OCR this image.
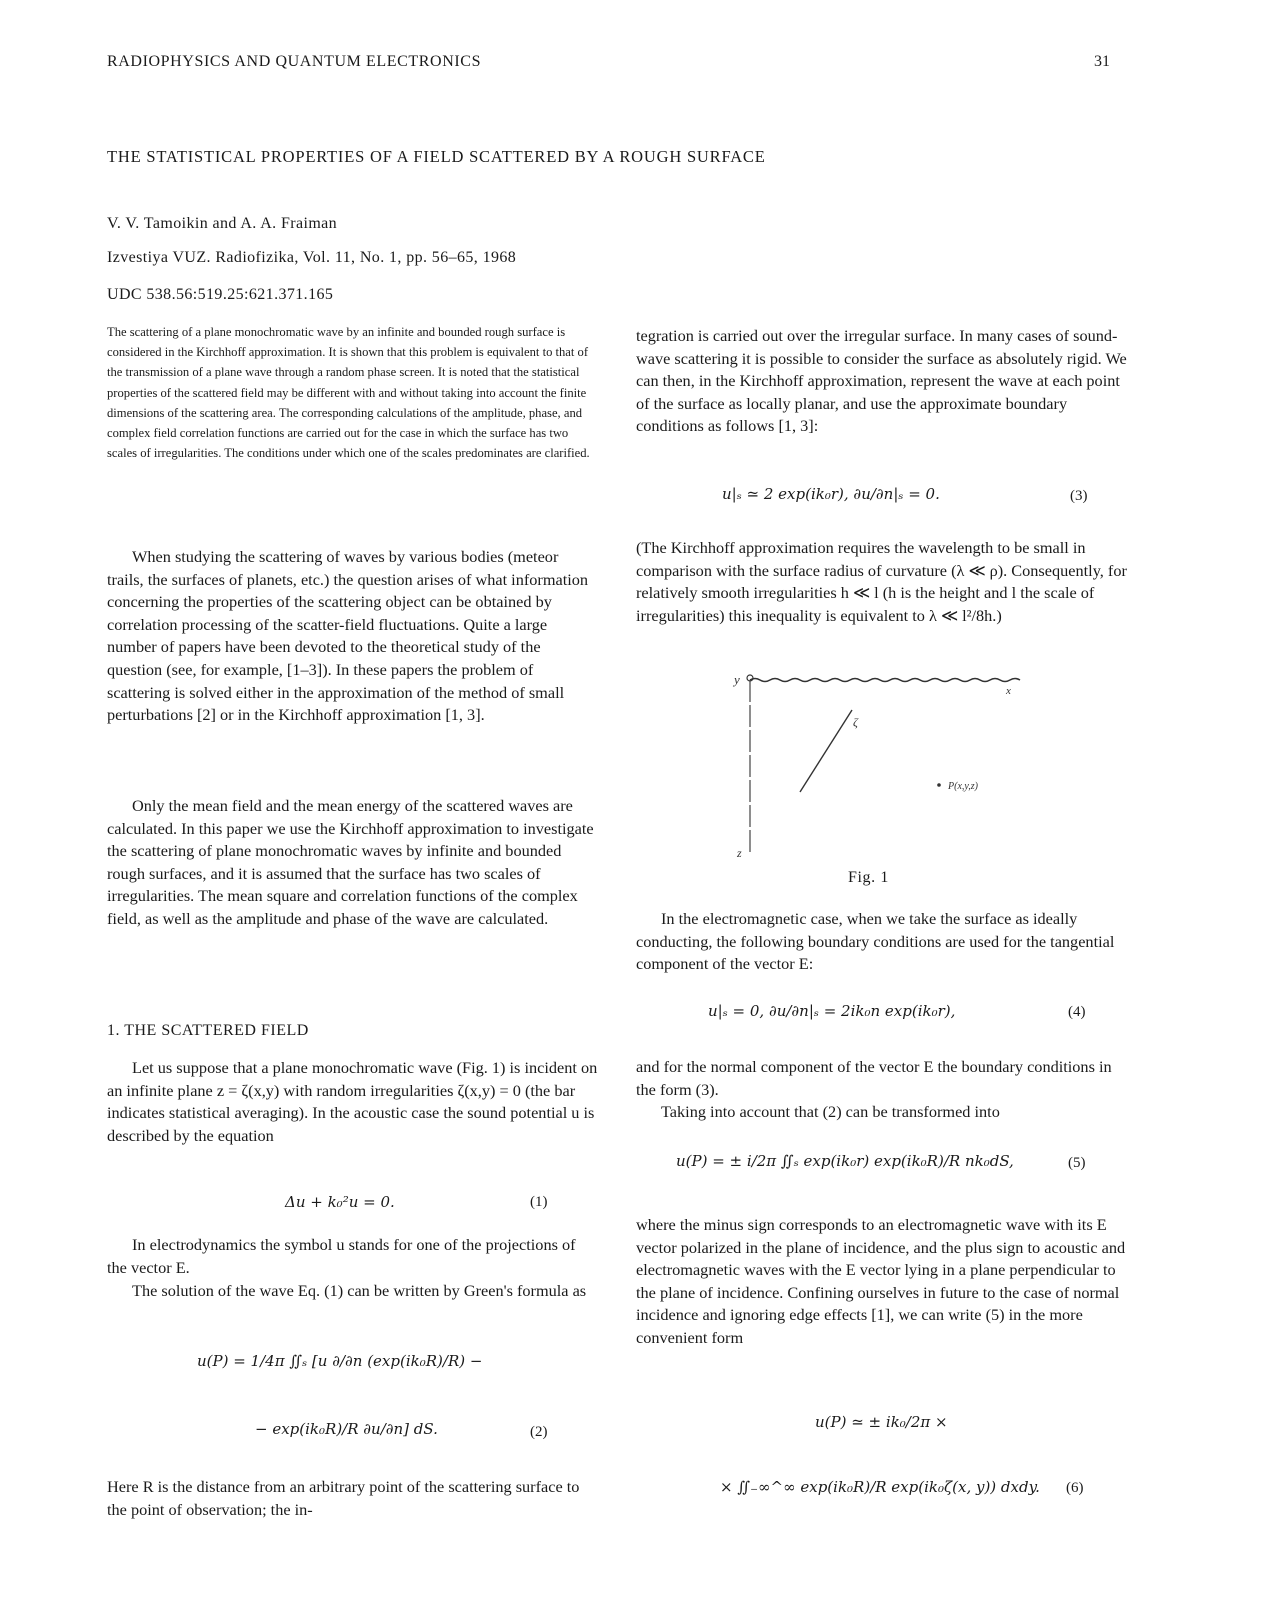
RADIOPHYSICS AND QUANTUM ELECTRONICS	31
THE STATISTICAL PROPERTIES OF A FIELD SCATTERED BY A ROUGH SURFACE
V. V. Tamoikin and A. A. Fraiman
Izvestiya VUZ. Radiofizika, Vol. 11, No. 1, pp. 56–65, 1968
UDC 538.56:519.25:621.371.165
The scattering of a plane monochromatic wave by an infinite and bounded rough surface is considered in the Kirchhoff approximation. It is shown that this problem is equivalent to that of the transmission of a plane wave through a random phase screen. It is noted that the statistical properties of the scattered field may be different with and without taking into account the finite dimensions of the scattering area. The corresponding calculations of the amplitude, phase, and complex field correlation functions are carried out for the case in which the surface has two scales of irregularities. The conditions under which one of the scales predominates are clarified.

When studying the scattering of waves by various bodies (meteor trails, the surfaces of planets, etc.) the question arises of what information concerning the properties of the scattering object can be obtained by correlation processing of the scatter-field fluctuations. Quite a large number of papers have been devoted to the theoretical study of the question (see, for example, [1–3]). In these papers the problem of scattering is solved either in the approximation of the method of small perturbations [2] or in the Kirchhoff approximation [1, 3].

Only the mean field and the mean energy of the scattered waves are calculated. In this paper we use the Kirchhoff approximation to investigate the scattering of plane monochromatic waves by infinite and bounded rough surfaces, and it is assumed that the surface has two scales of irregularities. The mean square and correlation functions of the complex field, as well as the amplitude and phase of the wave are calculated.

1. THE SCATTERED FIELD

Let us suppose that a plane monochromatic wave (Fig. 1) is incident on an infinite plane z = ζ(x,y) with random irregularities ζ(x,y) = 0 (the bar indicates statistical averaging). In the acoustic case the sound potential u is described by the equation

Δu + k₀²u = 0.	(1)

In electrodynamics the symbol u stands for one of the projections of the vector E.

The solution of the wave Eq. (1) can be written by Green's formula as

u(P) = 1/4π ∬ₛ [u ∂/∂n (exp(ik₀R)/R) −
− exp(ik₀R)/R ∂u/∂n] dS.	(2)

Here R is the distance from an arbitrary point of the scattering surface to the point of observation; the in-

tegration is carried out over the irregular surface. In many cases of sound-wave scattering it is possible to consider the surface as absolutely rigid. We can then, in the Kirchhoff approximation, represent the wave at each point of the surface as locally planar, and use the approximate boundary conditions as follows [1, 3]:

u|ₛ ≃ 2 exp(ik₀r), ∂u/∂n|ₛ = 0.	(3)

(The Kirchhoff approximation requires the wavelength to be small in comparison with the surface radius of curvature (λ ≪ ρ). Consequently, for relatively smooth irregularities h ≪ l (h is the height and l the scale of irregularities) this inequality is equivalent to λ ≪ l²/8h.)

y
x
z
ζ
P(x,y,z)
Fig. 1

In the electromagnetic case, when we take the surface as ideally conducting, the following boundary conditions are used for the tangential component of the vector E:

u|ₛ = 0, ∂u/∂n|ₛ = 2ik₀n exp(ik₀r),	(4)

and for the normal component of the vector E the boundary conditions in the form (3).

Taking into account that (2) can be transformed into

u(P) = ± i/2π ∬ₛ exp(ik₀r) exp(ik₀R)/R nk₀dS,	(5)

where the minus sign corresponds to an electromagnetic wave with its E vector polarized in the plane of incidence, and the plus sign to acoustic and electromagnetic waves with the E vector lying in a plane perpendicular to the plane of incidence. Confining ourselves in future to the case of normal incidence and ignoring edge effects [1], we can write (5) in the more convenient form

u(P) ≃ ± ik₀/2π ×
× ∬₋∞^∞ exp(ik₀R)/R exp(ik₀ζ(x, y)) dxdy. (6)
